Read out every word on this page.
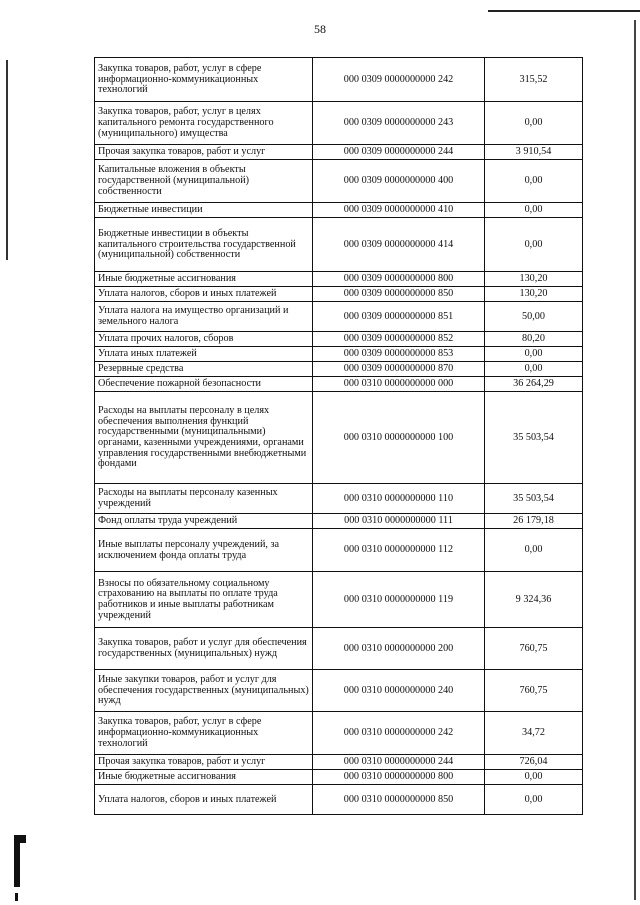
58
Закупка товаров, работ, услуг в сфере информационно-коммуникационных технологий	000 0309 0000000000 242	315,52
Закупка товаров, работ, услуг в целях капитального ремонта государственного (муниципального) имущества	000 0309 0000000000 243	0,00
Прочая закупка товаров, работ и услуг	000 0309 0000000000 244	3 910,54
Капитальные вложения в объекты государственной (муниципальной) собственности	000 0309 0000000000 400	0,00
Бюджетные инвестиции	000 0309 0000000000 410	0,00
Бюджетные инвестиции в объекты капитального строительства государственной (муниципальной) собственности	000 0309 0000000000 414	0,00
Иные бюджетные ассигнования	000 0309 0000000000 800	130,20
Уплата налогов, сборов и иных платежей	000 0309 0000000000 850	130,20
Уплата налога на имущество организаций и земельного налога	000 0309 0000000000 851	50,00
Уплата прочих налогов, сборов	000 0309 0000000000 852	80,20
Уплата иных платежей	000 0309 0000000000 853	0,00
Резервные средства	000 0309 0000000000 870	0,00
Обеспечение пожарной безопасности	000 0310 0000000000 000	36 264,29
Расходы на выплаты персоналу в целях обеспечения выполнения функций государственными (муниципальными) органами, казенными учреждениями, органами управления государственными внебюджетными фондами	000 0310 0000000000 100	35 503,54
Расходы на выплаты персоналу казенных учреждений	000 0310 0000000000 110	35 503,54
Фонд оплаты труда учреждений	000 0310 0000000000 111	26 179,18
Иные выплаты персоналу учреждений, за исключением фонда оплаты труда	000 0310 0000000000 112	0,00
Взносы по обязательному социальному страхованию на выплаты по оплате труда работников и иные выплаты работникам учреждений	000 0310 0000000000 119	9 324,36
Закупка товаров, работ и услуг для обеспечения государственных (муниципальных) нужд	000 0310 0000000000 200	760,75
Иные закупки товаров, работ и услуг для обеспечения государственных (муниципальных) нужд	000 0310 0000000000 240	760,75
Закупка товаров, работ, услуг в сфере информационно-коммуникационных технологий	000 0310 0000000000 242	34,72
Прочая закупка товаров, работ и услуг	000 0310 0000000000 244	726,04
Иные бюджетные ассигнования	000 0310 0000000000 800	0,00
Уплата налогов, сборов и иных платежей	000 0310 0000000000 850	0,00
